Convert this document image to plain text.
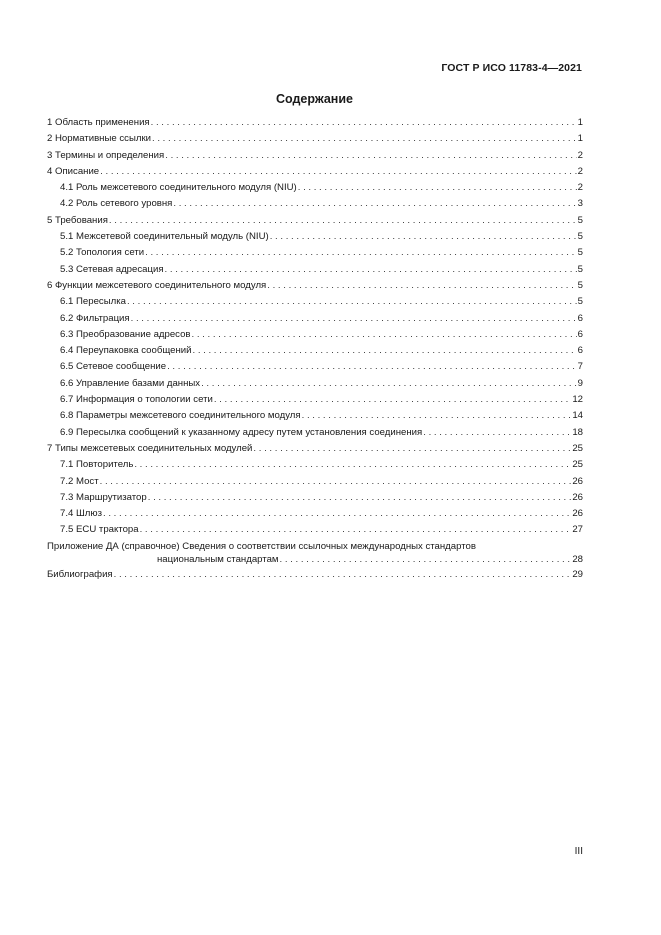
ГОСТ Р ИСО 11783-4—2021
Содержание
1 Область применения . . .	1
2 Нормативные ссылки . . .	1
3 Термины и определения . . .	2
4 Описание . . .	2
4.1 Роль межсетевого соединительного модуля (NIU) . . .	2
4.2 Роль сетевого уровня . . .	3
5 Требования . . .	5
5.1 Межсетевой соединительный модуль (NIU) . . .	5
5.2 Топология сети . . .	5
5.3 Сетевая адресация . . .	5
6 Функции межсетевого соединительного модуля . . .	5
6.1 Пересылка . . .	5
6.2 Фильтрация . . .	6
6.3 Преобразование адресов . . .	6
6.4 Переупаковка сообщений . . .	6
6.5 Сетевое сообщение . . .	7
6.6 Управление базами данных . . .	9
6.7 Информация о топологии сети . . .	12
6.8 Параметры межсетевого соединительного модуля . . .	14
6.9 Пересылка сообщений к указанному адресу путем установления соединения . . .	18
7 Типы межсетевых соединительных модулей . . .	25
7.1 Повторитель . . .	25
7.2 Мост . . .	26
7.3 Маршрутизатор . . .	26
7.4 Шлюз . . .	26
7.5 ECU трактора . . .	27
Приложение ДА (справочное) Сведения о соответствии ссылочных международных стандартов
национальным стандартам . . .	28
Библиография . . .	29
III
